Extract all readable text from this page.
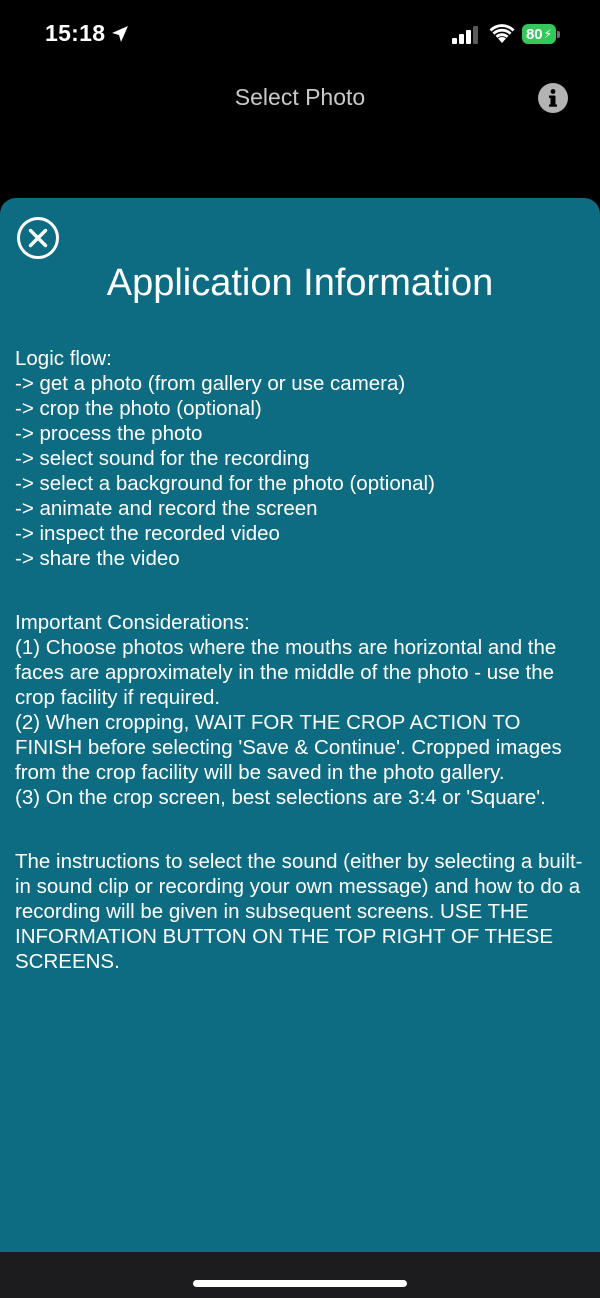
15:18	80 ⚡
Select Photo
Application Information
Logic flow:
-> get a photo (from gallery or use camera)
-> crop the photo (optional)
-> process the photo
-> select sound for the recording
-> select a background for the photo (optional)
-> animate and record the screen
-> inspect the recorded video
-> share the video
Important Considerations:

(1) Choose photos where the mouths are horizontal and the faces are approximately in the middle of the photo - use the crop facility if required.

(2) When cropping, WAIT FOR THE CROP ACTION TO FINISH before selecting 'Save & Continue'. Cropped images from the crop facility will be saved in the photo gallery.

(3) On the crop screen, best selections are 3:4 or 'Square'.

The instructions to select the sound (either by selecting a built-in sound clip or recording your own message) and how to do a recording will be given in subsequent screens. USE THE INFORMATION BUTTON ON THE TOP RIGHT OF THESE SCREENS.
